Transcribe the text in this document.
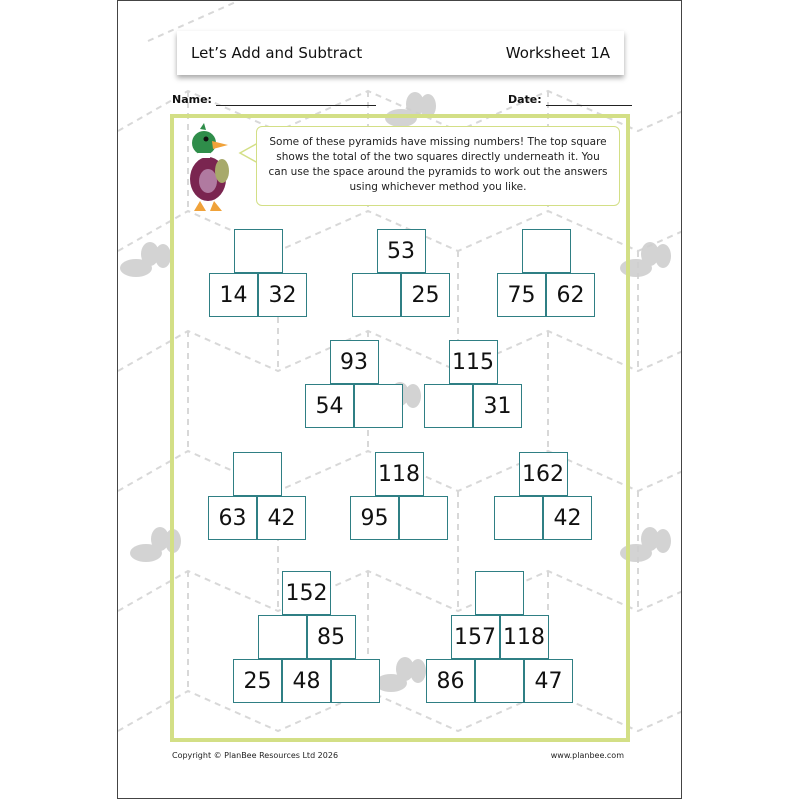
Let’s Add and Subtract	Worksheet 1A
Name:	Date:
Some of these pyramids have missing numbers! The top square shows the total of the two squares directly underneath it. You can use the space around the pyramids to work out the answers using whichever method you like.
14 32
53
25	75 62
93
54
115
31
63 42
118
95
162
42
152
85
25 48
157 118
86	47
Copyright © PlanBee Resources Ltd 2026	www.planbee.com
